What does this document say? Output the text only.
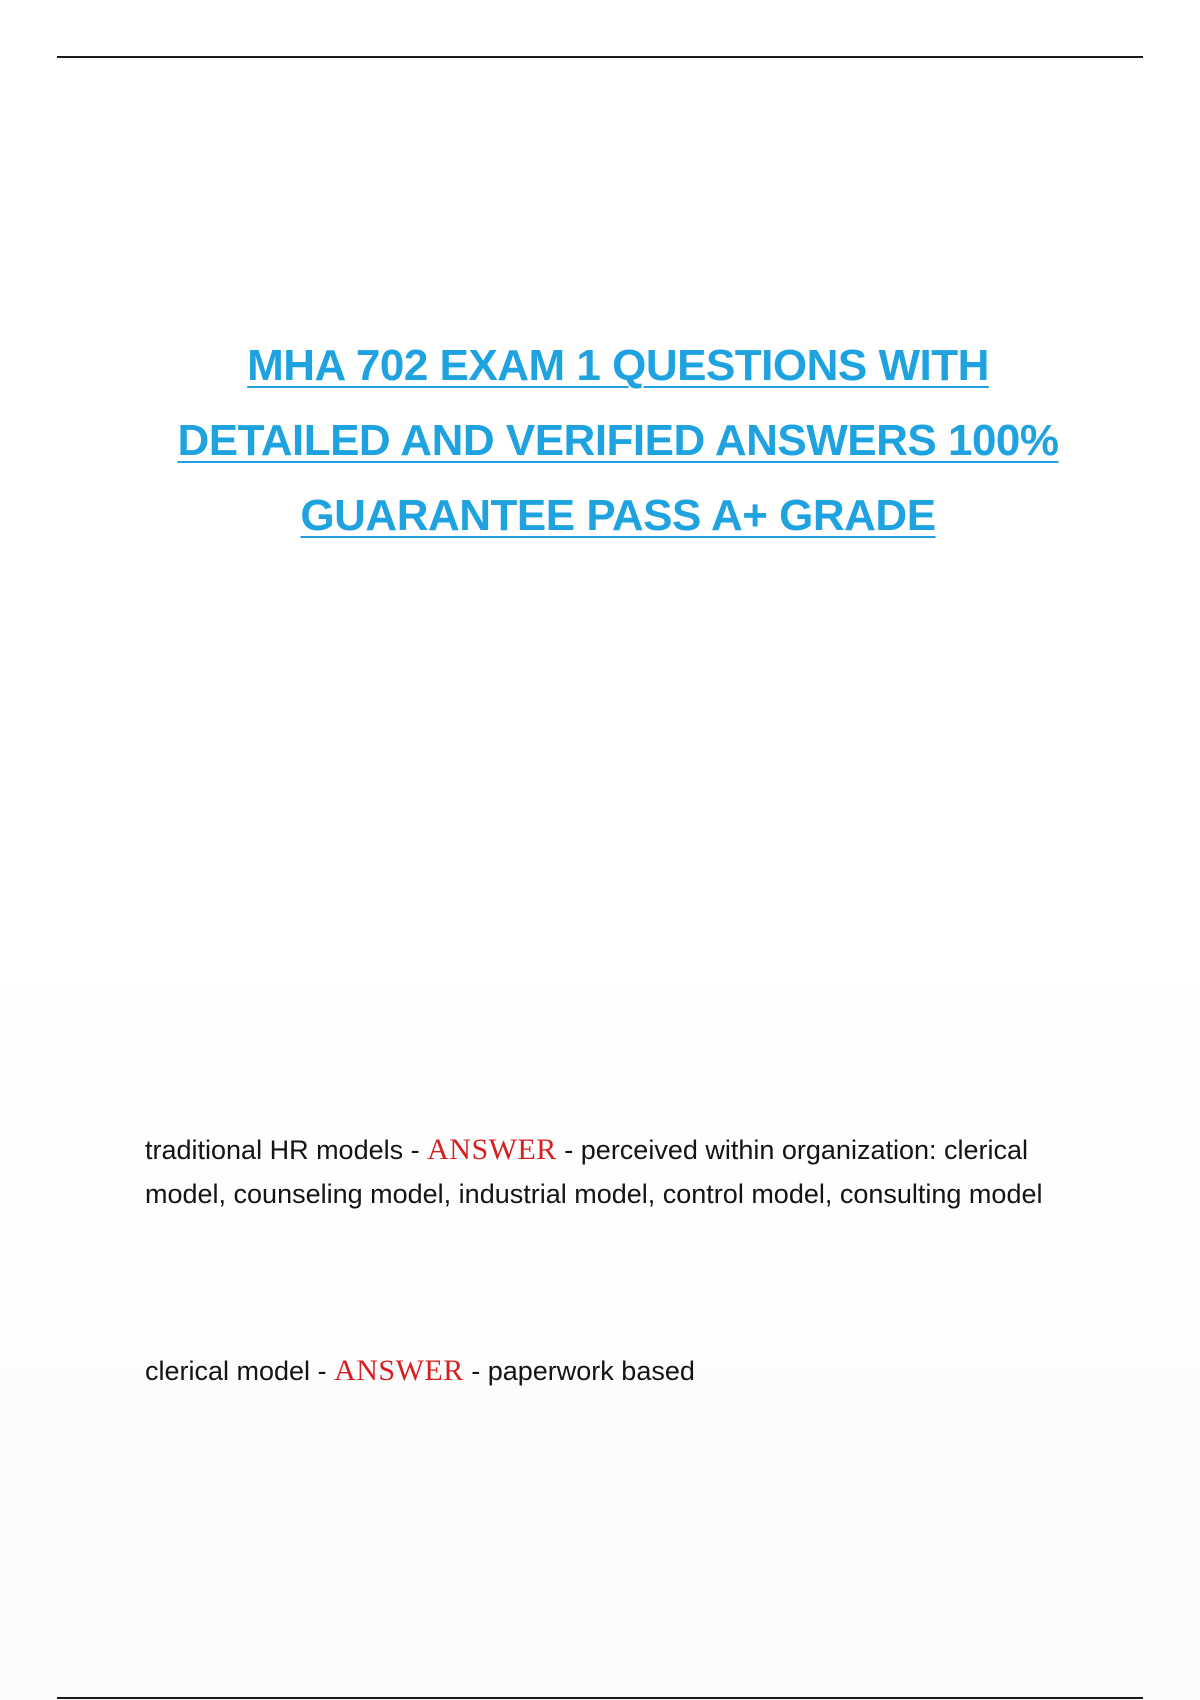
MHA 702 EXAM 1 QUESTIONS WITH
DETAILED AND VERIFIED ANSWERS 100%
GUARANTEE PASS A+ GRADE
traditional HR models - ANSWER - perceived within organization: clerical model, counseling model, industrial model, control model, consulting model
clerical model - ANSWER - paperwork based
